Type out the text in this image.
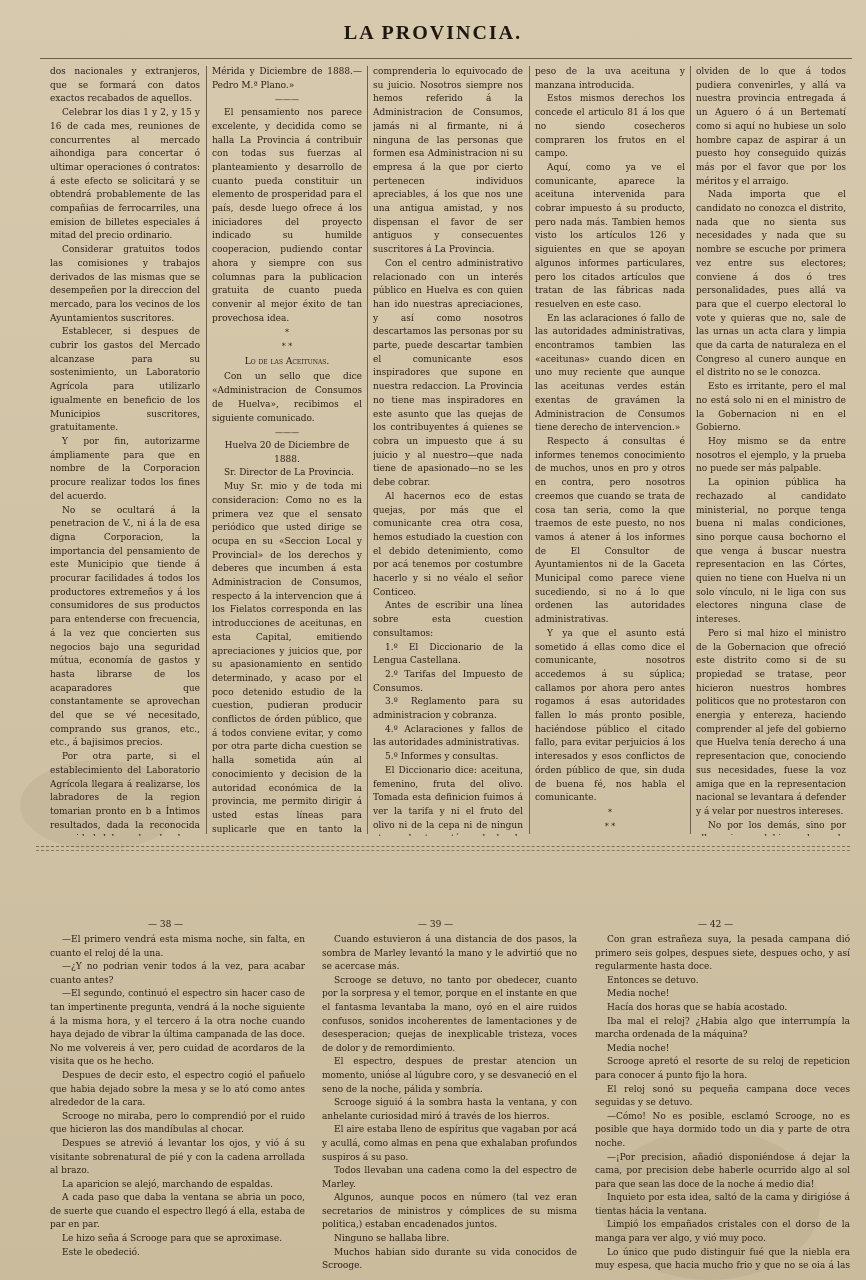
LA PROVINCIA.

dos nacionales y extranjeros, que se formará con datos exactos recabados de aquellos.

Celebrar los dias 1 y 2, y 15 y 16 de cada mes, reuniones de concurrentes al mercado aihondiga para concertar ó ultimar operaciones ó contratos: á este efecto se solicitará y se obtendrá probablemente de las compañias de ferrocarriles, una emision de billetes especiales á mitad del precio ordinario.

Considerar gratuitos todos las comisiones y trabajos derivados de las mismas que se desempeñen por la direccion del mercado, para los vecinos de los Ayuntamientos suscritores.

Establecer, si despues de cubrir los gastos del Mercado alcanzase para su sostenimiento, un Laboratorio Agrícola para utilizarlo igualmente en beneficio de los Municipios suscritores, gratuitamente.

Y por fin, autorizarme ámpliamente para que en nombre de la Corporacion procure realizar todos los fines del acuerdo.

No se ocultará á la penetracion de V., ni á la de esa digna Corporacion, la importancia del pensamiento de este Municipio que tiende á procurar facilidades á todos los productores extremeños y á los consumidores de sus productos para entenderse con frecuencia, á la vez que concierten sus negocios bajo una seguridad mútua, economía de gastos y hasta librarse de los acaparadores que constantamente se aprovechan del que se vé necesitado, comprando sus granos, etc., etc., á bajisimos precios.

Por otra parte, si el establecimiento del Laboratorio Agrícola llegara á realizarse, los labradores de la region tomarian pronto en b a Íntimos resultados, dada la reconocida

Mérida y Diciembre de 1888.—Pedro M.ª Plano.»

———

El pensamiento nos parece excelente, y decidida como se halla La Provincia á contribuir con todas sus fuerzas al planteamiento y desarrollo de cuanto pueda constituir un elemento de prosperidad para el país, desde luego ofrece á los iniciadores del proyecto indicado su humilde cooperacion, pudiendo contar ahora y siempre con sus columnas para la publicacion gratuita de cuanto pueda convenir al mejor éxito de tan provechosa idea.

*
* *

Lo de las Aceitunas.

Con un sello que dice «Administracion de Consumos de Huelva», recibimos el siguiente comunicado.

———

Huelva 20 de Diciembre de 1888.

Sr. Director de La Provincia.

Muy Sr. mio y de toda mi consideracion: Como no es la primera vez que el sensato periódico que usted dirige se ocupa en su «Seccion Local y Provincial» de los derechos y deberes que incumben á esta Administracion de Consumos, respecto á la intervencion que á los Fielatos corresponda en las introducciones de aceitunas, en esta Capital, emitiendo apreciaciones y juicios que, por su apasionamiento en sentido determinado, y acaso por el poco detenido estudio de la cuestion, pudieran producir conflictos de órden público, que á todos conviene evitar, y como por otra parte dicha cuestion se halla sometida aún al conocimiento y decision de la autoridad económica de la provincia, me permito dirigir á usted estas líneas para suplicarle que en tanto la

comprenderia lo equivocado de su juicio. Nosotros siempre nos hemos referido á la Administracion de Consumos, jamás ni al firmante, ni á ninguna de las personas que formen esa Administracion ni su empresa á la que por cierto pertenecen individuos apreciables, á los que nos une una antigua amistad, y nos dispensan el favor de ser antiguos y consecuentes suscritores á La Provincia.

Con el centro administrativo relacionado con un interés público en Huelva es con quien han ido nuestras apreciaciones, y así como nosotros descartamos las personas por su parte, puede descartar tambien el comunicante esos inspiradores que supone en nuestra redaccion. La Provincia no tiene mas inspiradores en este asunto que las quejas de los contribuyentes á quienes se cobra un impuesto que á su juicio y al nuestro—que nada tiene de apasionado—no se les debe cobrar.

Al hacernos eco de estas quejas, por más que el comunicante crea otra cosa, hemos estudiado la cuestion con el debido detenimiento, como por acá tenemos por costumbre hacerlo y si no véalo el señor Conticeo.

Antes de escribir una línea sobre esta cuestion consultamos:

1.º El Diccionario de la Lengua Castellana.

2.º Tarifas del Impuesto de Consumos.

3.º Reglamento para su administracion y cobranza.

4.º Aclaraciones y fallos de las autoridades administrativas.

5.º Informes y consultas.

El Diccionario dice: aceituna, femenino, fruta del olivo. Tomada esta definicion fuimos á ver la tarifa y ni el fruto del olivo ni de la cepa ni de ningun

peso de la uva aceituna y manzana introducida.

Estos mismos derechos los concede el articulo 81 á los que no siendo cosecheros compraren los frutos en el campo.

Aquí, como ya ve el comunicante, aparece la aceituna intervenida para cobrar impuesto á su producto, pero nada más. Tambien hemos visto los artículos 126 y siguientes en que se apoyan algunos informes particulares, pero los citados artículos que tratan de las fábricas nada resuelven en este caso.

En las aclaraciones ó fallo de las autoridades administrativas, encontramos tambien las «aceitunas» cuando dicen en uno muy reciente que aunque las aceitunas verdes están exentas de gravámen la Administracion de Consumos tiene derecho de intervencion.»

Respecto á consultas é informes tenemos conocimiento de muchos, unos en pro y otros en contra, pero nosotros creemos que cuando se trata de cosa tan seria, como la que traemos de este puesto, no nos vamos á atener á los informes de El Consultor de Ayuntamientos ni de la Gaceta Municipal como parece viene sucediendo, si no á lo que ordenen las autoridades administrativas.

Y ya que el asunto está sometido á ellas como dice el comunicante, nosotros accedemos á su súplica; callamos por ahora pero antes rogamos á esas autoridades fallen lo más pronto posible, haciéndose público el citado fallo, para evitar perjuicios á los interesados y esos conflictos de órden público de que, sin duda de buena fé, nos habla el comunicante.

*
* *

olviden de lo que á todos pudiera convenirles, y allá va nuestra provincia entregada á un Aguero ó á un Bertematí como si aquí no hubiese un solo hombre capaz de aspirar á un puesto hoy conseguido quizás más por el favor que por los méritos y el arraigo.

Nada importa que el candidato no conozca el distrito, nada que no sienta sus necesidades y nada que su nombre se escuche por primera vez entre sus electores; conviene á dos ó tres personalidades, pues allá va para que el cuerpo electoral lo vote y quieras que no, sale de las urnas un acta clara y limpia que da carta de naturaleza en el Congreso al cunero aunque en el distrito no se le conozca.

Esto es irritante, pero el mal no está solo ni en el ministro de la Gobernacion ni en el Gobierno.

Hoy mismo se da entre nosotros el ejemplo, y la prueba no puede ser más palpable.

La opinion pública ha rechazado al candidato ministerial, no porque tenga buena ni malas condiciones, sino porque causa bochorno el que venga á buscar nuestra representacion en las Córtes, quien no tiene con Huelva ni un solo vínculo, ni le liga con sus electores ninguna clase de intereses.

Pero si mal hizo el ministro de la Gobernacion que ofreció este distrito como si de su propiedad se tratase, peor hicieron nuestros hombres politicos que no protestaron con energia y entereza, haciendo comprender al jefe del gobierno que Huelva tenía derecho á una representacion que, conociendo sus necesidades, fuese la voz amiga que en la representacion nacional se levantara á defender y á velar por nuestros intereses.

No por los demás, sino por

— 38 —	— 39 —	— 42 —

—El primero vendrá esta misma noche, sin falta, en cuanto el reloj dé la una.

—¿Y no podrian venir todos á la vez, para acabar cuanto antes?

—El segundo, continuó el espectro sin hacer caso de tan impertinente pregunta, vendrá á la noche siguiente á la misma hora, y el tercero á la otra noche cuando haya dejado de vibrar la última campanada de las doce. No me volvereis á ver, pero cuidad de acordaros de la visita que os he hecho.

Despues de decir esto, el espectro cogió el pañuelo que habia dejado sobre la mesa y se lo ató como antes alrededor de la cara.

Scrooge no miraba, pero lo comprendió por el ruido que hicieron las dos mandíbulas al chocar.

Despues se atrevió á levantar los ojos, y vió á su visitante sobrenatural de pié y con la cadena arrollada al brazo.

La aparicion se alejó, marchando de espaldas.

A cada paso que daba la ventana se abria un poco, de suerte que cuando el espectro llegó á ella, estaba de par en par.

Le hizo seña á Scrooge para que se aproximase.

Este le obedeció.

Cuando estuvieron á una distancia de dos pasos, la sombra de Marley levantó la mano y le advirtió que no se acercase más.

Scrooge se detuvo, no tanto por obedecer, cuanto por la sorpresa y el temor, porque en el instante en que el fantasma levantaba la mano, oyó en el aire ruidos confusos, sonidos incoherentes de lamentaciones y de desesperacion; quejas de inexplicable tristeza, voces de dolor y de remordimiento.

El espectro, despues de prestar atencion un momento, unióse al lúgubre coro, y se desvaneció en el seno de la noche, pálida y sombría.

Scrooge siguió á la sombra hasta la ventana, y con anhelante curiosidad miró á través de los hierros.

El aire estaba lleno de espíritus que vagaban por acá y acullá, como almas en pena que exhalaban profundos suspiros á su paso.

Todos llevaban una cadena como la del espectro de Marley.

Algunos, aunque pocos en número (tal vez eran secretarios de ministros y cómplices de su misma politica,) estaban encadenados juntos.

Ninguno se hallaba libre.

Muchos habian sido durante su vida conocidos de Scrooge.

Con gran estrañeza suya, la pesada campana dió primero seis golpes, despues siete, despues ocho, y así regularmente hasta doce.

Entonces se detuvo.

Media noche!

Hacía dos horas que se había acostado.

Iba mal el reloj? ¿Habia algo que interrumpía la marcha ordenada de la máquina?

Media noche!

Scrooge apretó el resorte de su reloj de repeticion para conocer á punto fijo la hora.

El reloj sonó su pequeña campana doce veces seguidas y se detuvo.

—Cómo! No es posible, esclamó Scrooge, no es posible que haya dormido todo un dia y parte de otra noche.

—¡Por precision, añadió disponiéndose á dejar la cama, por precision debe haberle ocurrido algo al sol para que sean las doce de la noche á medio dia!

Inquieto por esta idea, saltó de la cama y dirigióse á tientas hácia la ventana.

Limpió los empañados cristales con el dorso de la manga para ver algo, y vió muy poco.

Lo único que pudo distinguir fué que la niebla era muy espesa, que hacia mucho frio y que no se oia á las
